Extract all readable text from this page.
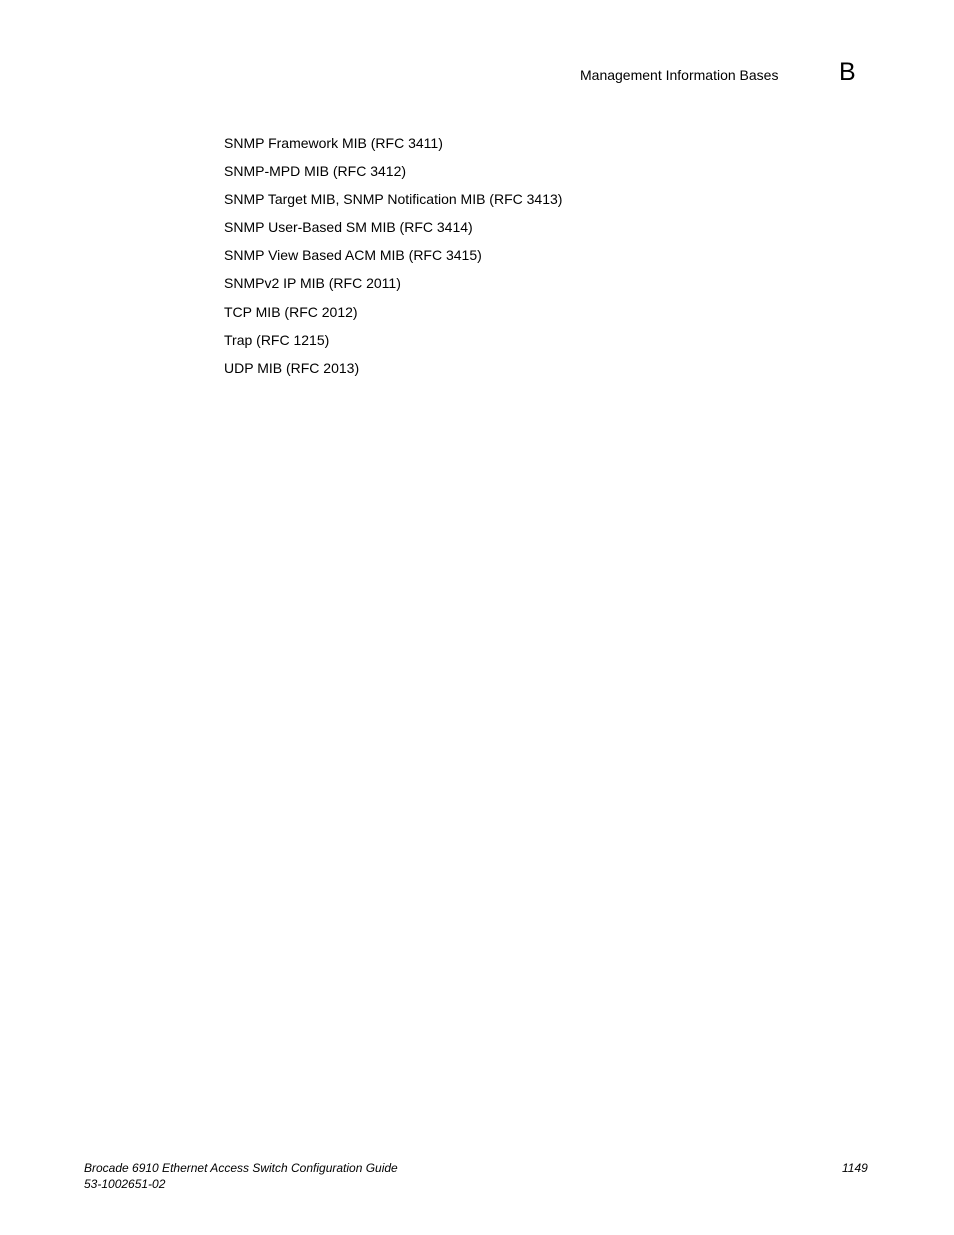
Management Information Bases B
SNMP Framework MIB (RFC 3411)
SNMP-MPD MIB (RFC 3412)
SNMP Target MIB, SNMP Notification MIB (RFC 3413)
SNMP User-Based SM MIB (RFC 3414)
SNMP View Based ACM MIB (RFC 3415)
SNMPv2 IP MIB (RFC 2011)
TCP MIB (RFC 2012)
Trap (RFC 1215)
UDP MIB (RFC 2013)
Brocade 6910 Ethernet Access Switch Configuration Guide
53-1002651-02
1149
